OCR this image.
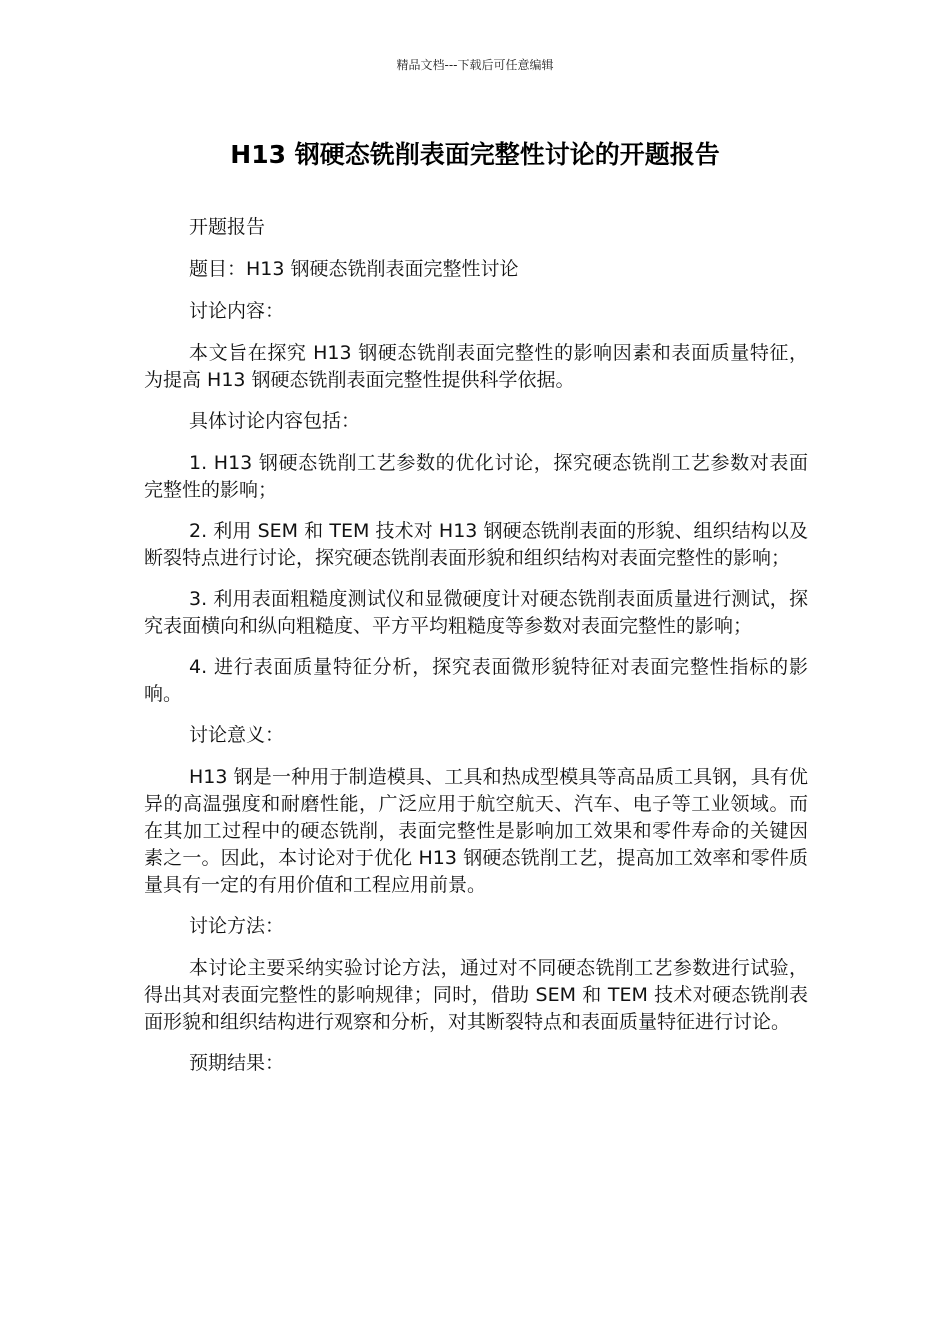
精品文档---下载后可任意编辑
H13 钢硬态铣削表面完整性讨论的开题报告

开题报告

题目：H13 钢硬态铣削表面完整性讨论

讨论内容：

本文旨在探究 H13 钢硬态铣削表面完整性的影响因素和表面质量特征，为提高 H13 钢硬态铣削表面完整性提供科学依据。

具体讨论内容包括：

1. H13 钢硬态铣削工艺参数的优化讨论，探究硬态铣削工艺参数对表面完整性的影响；

2. 利用 SEM 和 TEM 技术对 H13 钢硬态铣削表面的形貌、组织结构以及断裂特点进行讨论，探究硬态铣削表面形貌和组织结构对表面完整性的影响；

3. 利用表面粗糙度测试仪和显微硬度计对硬态铣削表面质量进行测试，探究表面横向和纵向粗糙度、平方平均粗糙度等参数对表面完整性的影响；

4. 进行表面质量特征分析，探究表面微形貌特征对表面完整性指标的影响。

讨论意义：

H13 钢是一种用于制造模具、工具和热成型模具等高品质工具钢，具有优异的高温强度和耐磨性能，广泛应用于航空航天、汽车、电子等工业领域。而在其加工过程中的硬态铣削，表面完整性是影响加工效果和零件寿命的关键因素之一。因此，本讨论对于优化 H13 钢硬态铣削工艺，提高加工效率和零件质量具有一定的有用价值和工程应用前景。

讨论方法：

本讨论主要采纳实验讨论方法，通过对不同硬态铣削工艺参数进行试验，得出其对表面完整性的影响规律；同时，借助 SEM 和 TEM 技术对硬态铣削表面形貌和组织结构进行观察和分析，对其断裂特点和表面质量特征进行讨论。

预期结果：
